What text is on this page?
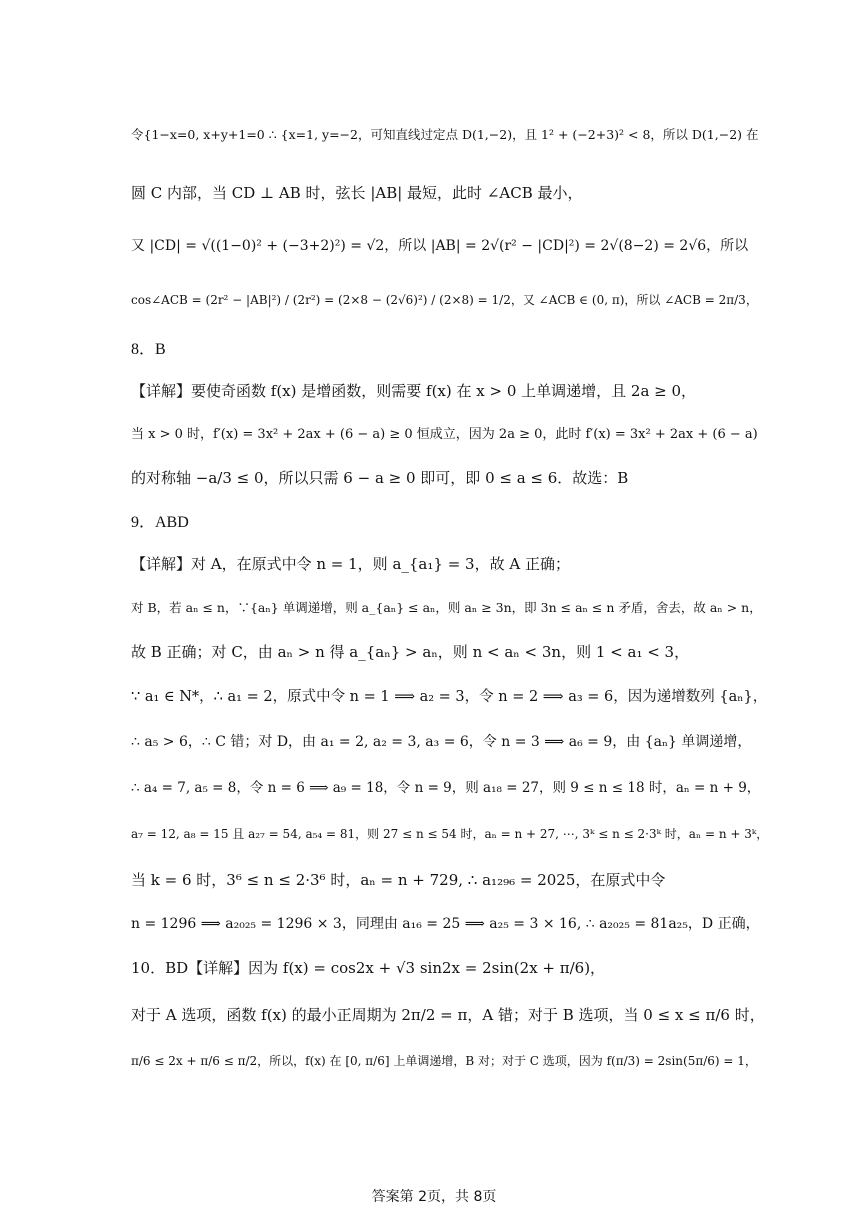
令{1−x=0, x+y+1=0 ∴ {x=1, y=−2，可知直线过定点 D(1,−2)，且 1² + (−2+3)² < 8，所以 D(1,−2) 在
圆 C 内部，当 CD ⊥ AB 时，弦长 |AB| 最短，此时 ∠ACB 最小，
又 |CD| = √((1−0)² + (−3+2)²) = √2，所以 |AB| = 2√(r² − |CD|²) = 2√(8−2) = 2√6，所以
cos∠ACB = (2r² − |AB|²) / (2r²) = (2×8 − (2√6)²) / (2×8) = 1/2，又 ∠ACB ∈ (0, π)，所以 ∠ACB = 2π/3，
8．B
【详解】要使奇函数 f(x) 是增函数，则需要 f(x) 在 x > 0 上单调递增，且 2a ≥ 0，
当 x > 0 时，f′(x) = 3x² + 2ax + (6 − a) ≥ 0 恒成立，因为 2a ≥ 0，此时 f′(x) = 3x² + 2ax + (6 − a)
的对称轴 −a/3 ≤ 0，所以只需 6 − a ≥ 0 即可，即 0 ≤ a ≤ 6．故选：B
9．ABD
【详解】对 A，在原式中令 n = 1，则 a_{a₁} = 3，故 A 正确；
对 B，若 aₙ ≤ n，∵{aₙ} 单调递增，则 a_{aₙ} ≤ aₙ，则 aₙ ≥ 3n，即 3n ≤ aₙ ≤ n 矛盾，舍去，故 aₙ > n，
故 B 正确；对 C，由 aₙ > n 得 a_{aₙ} > aₙ，则 n < aₙ < 3n，则 1 < a₁ < 3，
∵ a₁ ∈ N*，∴ a₁ = 2，原式中令 n = 1 ⟹ a₂ = 3，令 n = 2 ⟹ a₃ = 6，因为递增数列 {aₙ}，
∴ a₅ > 6，∴ C 错；对 D，由 a₁ = 2, a₂ = 3, a₃ = 6，令 n = 3 ⟹ a₆ = 9，由 {aₙ} 单调递增，
∴ a₄ = 7, a₅ = 8，令 n = 6 ⟹ a₉ = 18，令 n = 9，则 a₁₈ = 27，则 9 ≤ n ≤ 18 时，aₙ = n + 9，
a₇ = 12, a₈ = 15 且 a₂₇ = 54, a₅₄ = 81，则 27 ≤ n ≤ 54 时，aₙ = n + 27, ⋯, 3ᵏ ≤ n ≤ 2·3ᵏ 时，aₙ = n + 3ᵏ，
当 k = 6 时，3⁶ ≤ n ≤ 2·3⁶ 时，aₙ = n + 729, ∴ a₁₂₉₆ = 2025，在原式中令
n = 1296 ⟹ a₂₀₂₅ = 1296 × 3，同理由 a₁₆ = 25 ⟹ a₂₅ = 3 × 16, ∴ a₂₀₂₅ = 81a₂₅，D 正确，
10．BD【详解】因为 f(x) = cos2x + √3 sin2x = 2sin(2x + π/6)，
对于 A 选项，函数 f(x) 的最小正周期为 2π/2 = π，A 错；对于 B 选项，当 0 ≤ x ≤ π/6 时，
π/6 ≤ 2x + π/6 ≤ π/2，所以，f(x) 在 [0, π/6] 上单调递增，B 对；对于 C 选项，因为 f(π/3) = 2sin(5π/6) = 1，
答案第 2页，共 8页
